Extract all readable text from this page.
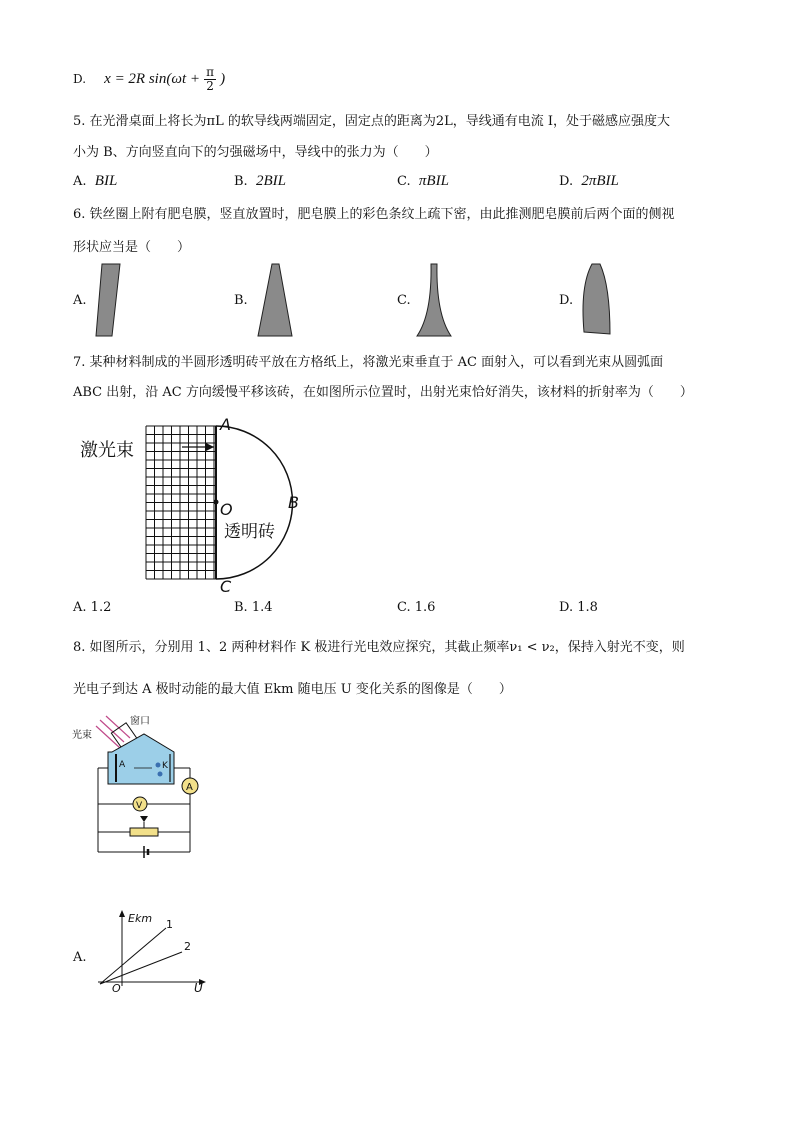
D. x = 2R $\sin(\omega t + \frac{\pi}{2}$ )
5. 在光滑桌面上将长为πL 的软导线两端固定，固定点的距离为2L，导线通有电流 I，处于磁感应强度大
小为 B、方向竖直向下的匀强磁场中，导线中的张力为（　　）
A. BIL	B. 2BIL	C. πBIL	D. 2πBIL
6. 铁丝圈上附有肥皂膜，竖直放置时，肥皂膜上的彩色条纹上疏下密，由此推测肥皂膜前后两个面的侧视
形状应当是（　　）
A.	B.	C.	D.
7. 某种材料制成的半圆形透明砖平放在方格纸上，将激光束垂直于 AC 面射入，可以看到光束从圆弧面
ABC 出射，沿 AC 方向缓慢平移该砖，在如图所示位置时，出射光束恰好消失，该材料的折射率为（　　）
激光束
A
B
C
O
透明砖
A. 1.2	B. 1.4	C. 1.6	D. 1.8
8. 如图所示，分别用 1、2 两种材料作 K 极进行光电效应探究，其截止频率ν₁ < ν₂，保持入射光不变，则
光电子到达 A 极时动能的最大值 Ekm 随电压 U 变化关系的图像是（　　）
光束
窗口
A	K
A
V
A.
Ekm
U
O
1
2
